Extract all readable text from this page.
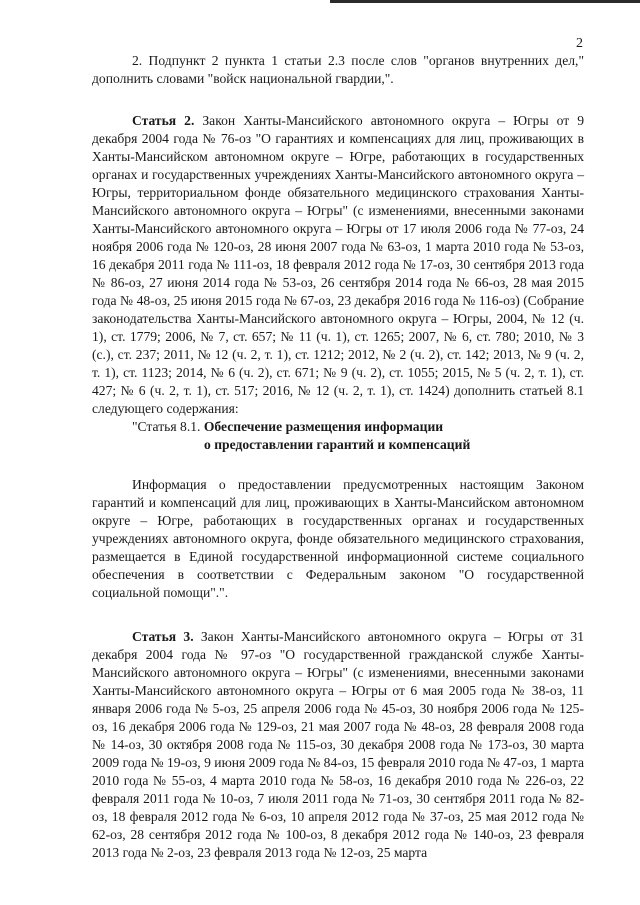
2

2. Подпункт 2 пункта 1 статьи 2.3 после слов "органов внутренних дел," дополнить словами "войск национальной гвардии,".

Статья 2. Закон Ханты-Мансийского автономного округа – Югры от 9 декабря 2004 года № 76-оз "О гарантиях и компенсациях для лиц, проживающих в Ханты-Мансийском автономном округе – Югре, работающих в государственных органах и государственных учреждениях Ханты-Мансийского автономного округа – Югры, территориальном фонде обязательного медицинского страхования Ханты-Мансийского автономного округа – Югры" (с изменениями, внесенными законами Ханты-Мансийского автономного округа – Югры от 17 июля 2006 года № 77-оз, 24 ноября 2006 года № 120-оз, 28 июня 2007 года № 63-оз, 1 марта 2010 года № 53-оз, 16 декабря 2011 года № 111-оз, 18 февраля 2012 года № 17-оз, 30 сентября 2013 года № 86-оз, 27 июня 2014 года № 53-оз, 26 сентября 2014 года № 66-оз, 28 мая 2015 года № 48-оз, 25 июня 2015 года № 67-оз, 23 декабря 2016 года № 116-оз) (Собрание законодательства Ханты-Мансийского автономного округа – Югры, 2004, № 12 (ч. 1), ст. 1779; 2006, № 7, ст. 657; № 11 (ч. 1), ст. 1265; 2007, № 6, ст. 780; 2010, № 3 (с.), ст. 237; 2011, № 12 (ч. 2, т. 1), ст. 1212; 2012, № 2 (ч. 2), ст. 142; 2013, № 9 (ч. 2, т. 1), ст. 1123; 2014, № 6 (ч. 2), ст. 671; № 9 (ч. 2), ст. 1055; 2015, № 5 (ч. 2, т. 1), ст. 427; № 6 (ч. 2, т. 1), ст. 517; 2016, № 12 (ч. 2, т. 1), ст. 1424) дополнить статьей 8.1 следующего содержания:

"Статья 8.1. Обеспечение размещения информации

о предоставлении гарантий и компенсаций

Информация о предоставлении предусмотренных настоящим Законом гарантий и компенсаций для лиц, проживающих в Ханты-Мансийском автономном округе – Югре, работающих в государственных органах и государственных учреждениях автономного округа, фонде обязательного медицинского страхования, размещается в Единой государственной информационной системе социального обеспечения в соответствии с Федеральным законом "О государственной социальной помощи".".

Статья 3. Закон Ханты-Мансийского автономного округа – Югры от 31 декабря 2004 года № 97-оз "О государственной гражданской службе Ханты-Мансийского автономного округа – Югры" (с изменениями, внесенными законами Ханты-Мансийского автономного округа – Югры от 6 мая 2005 года № 38-оз, 11 января 2006 года № 5-оз, 25 апреля 2006 года № 45-оз, 30 ноября 2006 года № 125-оз, 16 декабря 2006 года № 129-оз, 21 мая 2007 года № 48-оз, 28 февраля 2008 года № 14-оз, 30 октября 2008 года № 115-оз, 30 декабря 2008 года № 173-оз, 30 марта 2009 года № 19-оз, 9 июня 2009 года № 84-оз, 15 февраля 2010 года № 47-оз, 1 марта 2010 года № 55-оз, 4 марта 2010 года № 58-оз, 16 декабря 2010 года № 226-оз, 22 февраля 2011 года № 10-оз, 7 июля 2011 года № 71-оз, 30 сентября 2011 года № 82-оз, 18 февраля 2012 года № 6-оз, 10 апреля 2012 года № 37-оз, 25 мая 2012 года № 62-оз, 28 сентября 2012 года № 100-оз, 8 декабря 2012 года № 140-оз, 23 февраля 2013 года № 2-оз, 23 февраля 2013 года № 12-оз, 25 марта
